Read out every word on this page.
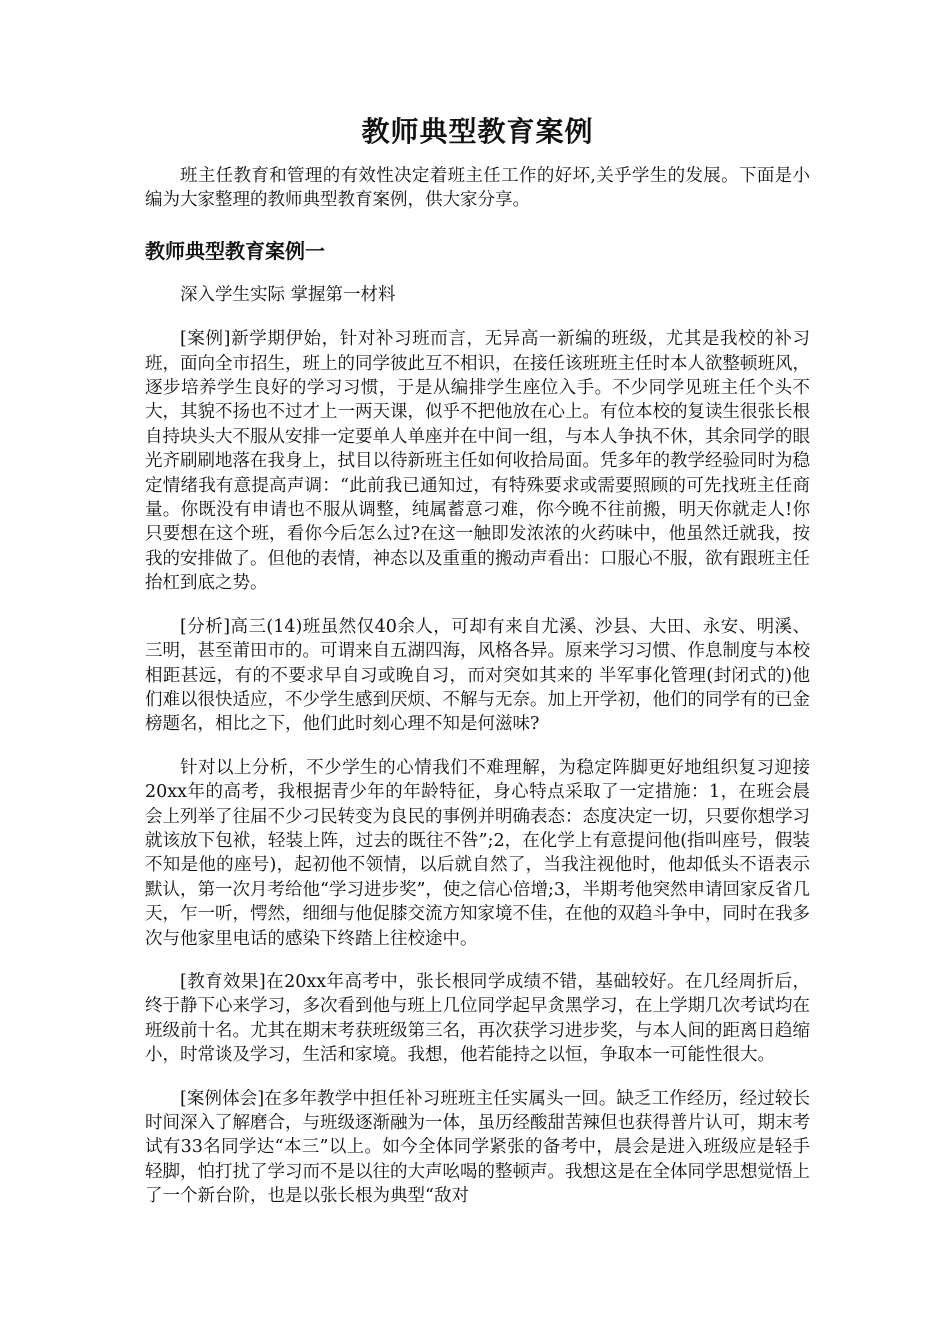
教师典型教育案例

班主任教育和管理的有效性决定着班主任工作的好坏,关乎学生的发展。下面是小编为大家整理的教师典型教育案例，供大家分享。

教师典型教育案例一

深入学生实际 掌握第一材料

[案例]新学期伊始，针对补习班而言，无异高一新编的班级，尤其是我校的补习班，面向全市招生，班上的同学彼此互不相识，在接任该班班主任时本人欲整顿班风，逐步培养学生良好的学习习惯，于是从编排学生座位入手。不少同学见班主任个头不大，其貌不扬也不过才上一两天课，似乎不把他放在心上。有位本校的复读生很张长根自持块头大不服从安排一定要单人单座并在中间一组，与本人争执不休，其余同学的眼光齐刷刷地落在我身上，拭目以待新班主任如何收拾局面。凭多年的教学经验同时为稳定情绪我有意提高声调：“此前我已通知过，有特殊要求或需要照顾的可先找班主任商量。你既没有申请也不服从调整，纯属蓄意刁难，你今晚不往前搬，明天你就走人!你只要想在这个班，看你今后怎么过?在这一触即发浓浓的火药味中，他虽然迁就我，按我的安排做了。但他的表情，神态以及重重的搬动声看出：口服心不服，欲有跟班主任抬杠到底之势。

[分析]高三(14)班虽然仅40余人，可却有来自尤溪、沙县、大田、永安、明溪、三明，甚至莆田市的。可谓来自五湖四海，风格各异。原来学习习惯、作息制度与本校相距甚远，有的不要求早自习或晚自习，而对突如其来的 半军事化管理(封闭式的)他们难以很快适应，不少学生感到厌烦、不解与无奈。加上开学初，他们的同学有的已金榜题名，相比之下，他们此时刻心理不知是何滋味?

针对以上分析，不少学生的心情我们不难理解，为稳定阵脚更好地组织复习迎接20xx年的高考，我根据青少年的年龄特征，身心特点采取了一定措施：1，在班会晨会上列举了往届不少刁民转变为良民的事例并明确表态：态度决定一切，只要你想学习就该放下包袱，轻装上阵，过去的既往不咎”;2，在化学上有意提问他(指叫座号，假装不知是他的座号)，起初他不领情，以后就自然了，当我注视他时，他却低头不语表示默认，第一次月考给他“学习进步奖”，使之信心倍增;3，半期考他突然申请回家反省几天，乍一听，愕然，细细与他促膝交流方知家境不佳，在他的双趋斗争中，同时在我多次与他家里电话的感染下终踏上往校途中。

[教育效果]在20xx年高考中，张长根同学成绩不错，基础较好。在几经周折后，终于静下心来学习，多次看到他与班上几位同学起早贪黑学习，在上学期几次考试均在班级前十名。尤其在期末考获班级第三名，再次获学习进步奖，与本人间的距离日趋缩小，时常谈及学习，生活和家境。我想，他若能持之以恒，争取本一可能性很大。

[案例体会]在多年教学中担任补习班班主任实属头一回。缺乏工作经历，经过较长时间深入了解磨合，与班级逐渐融为一体，虽历经酸甜苦辣但也获得普片认可，期末考试有33名同学达“本三”以上。如今全体同学紧张的备考中，晨会是进入班级应是轻手轻脚，怕打扰了学习而不是以往的大声吆喝的整顿声。我想这是在全体同学思想觉悟上了一个新台阶，也是以张长根为典型“敌对
